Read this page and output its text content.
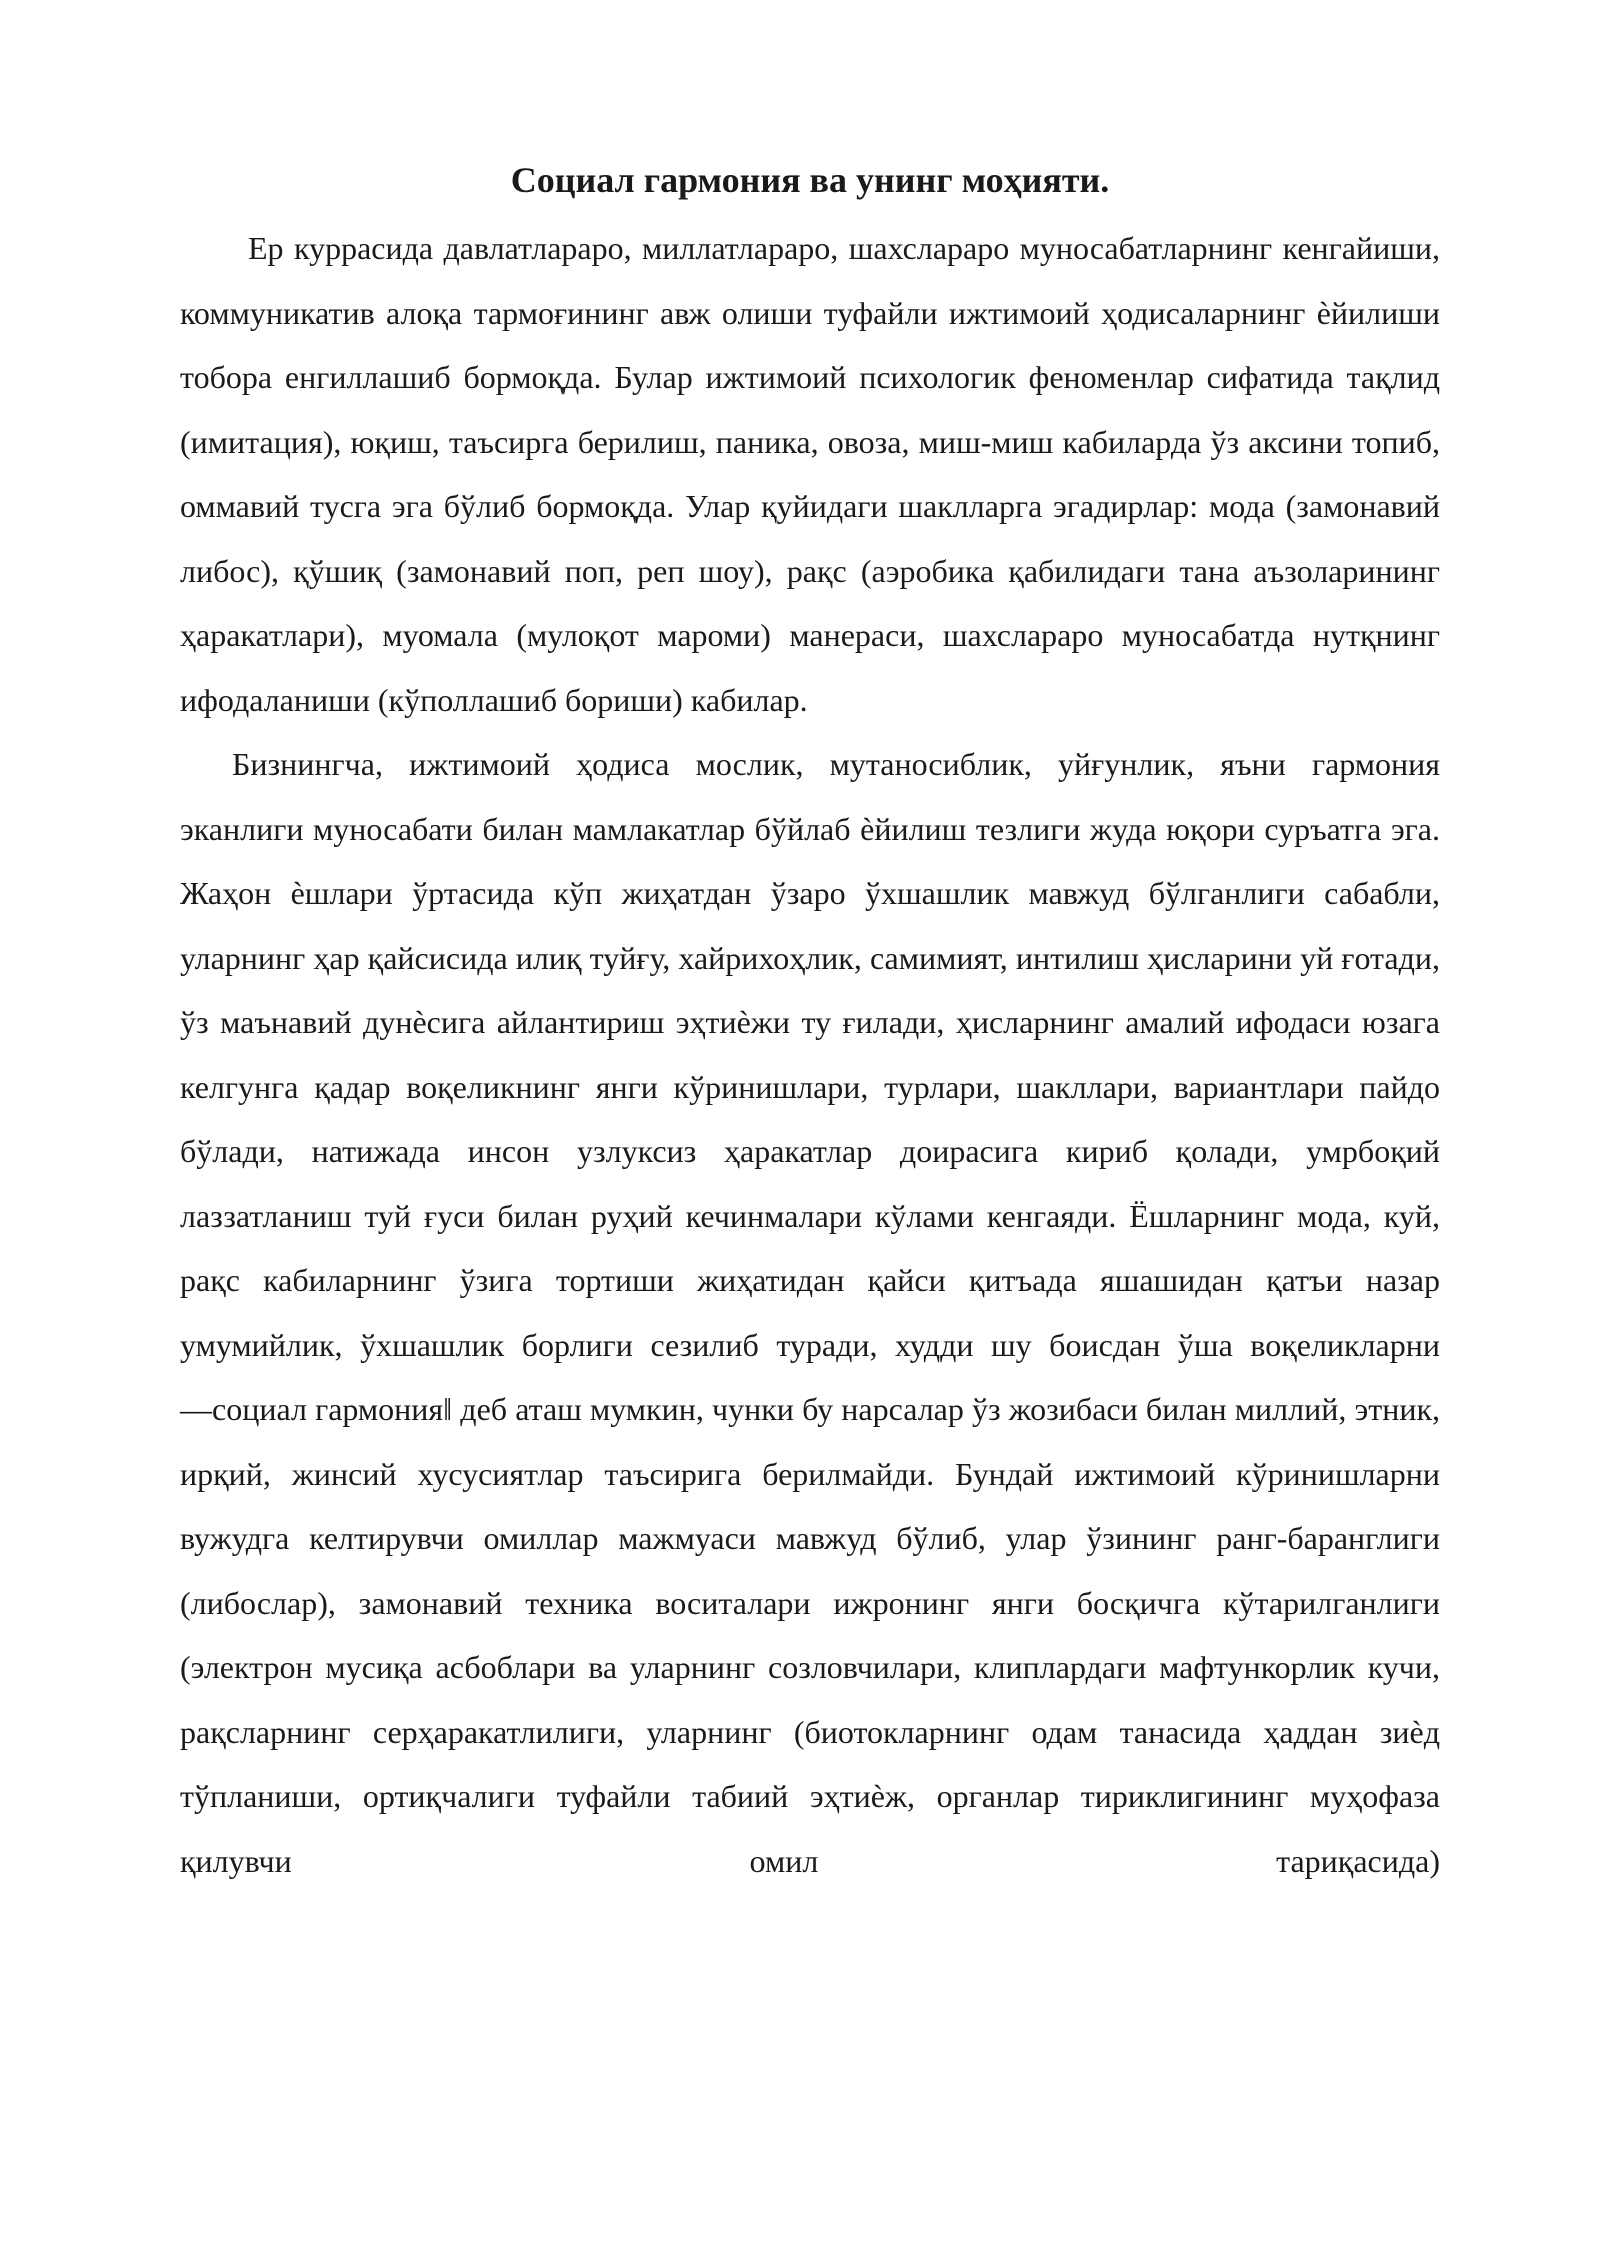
Социал гармония ва унинг моҳияти.

Ер куррасида давлатлараро, миллатлараро, шахслараро муносабатларнинг кенгайиши, коммуникатив алоқа тармоғининг авж олиши туфайли ижтимоий ҳодисаларнинг ѐйилиши тобора енгиллашиб бормоқда. Булар ижтимоий психологик феноменлар сифатида тақлид (имитация), юқиш, таъсирга берилиш, паника, овоза, миш-миш кабиларда ўз аксини топиб, оммавий тусга эга бўлиб бормоқда. Улар қуйидаги шаклларга эгадирлар: мода (замонавий либос), қўшиқ (замонавий поп, реп шоу), рақс (аэробика қабилидаги тана аъзоларининг ҳаракатлари), муомала (мулоқот мароми) манераси, шахслараро муносабатда нутқнинг ифодаланиши (кўполлашиб бориши) кабилар.

Бизнингча, ижтимоий ҳодиса мослик, мутаносиблик, уйғунлик, яъни гармония эканлиги муносабати билан мамлакатлар бўйлаб ѐйилиш тезлиги жуда юқори суръатга эга. Жаҳон ѐшлари ўртасида кўп жиҳатдан ўзаро ўхшашлик мавжуд бўлганлиги сабабли, уларнинг ҳар қайсисида илиқ туйғу, хайрихоҳлик, самимият, интилиш ҳисларини уй ғотади, ўз маънавий дунѐсига айлантириш эҳтиѐжи ту ғилади, ҳисларнинг амалий ифодаси юзага келгунга қадар воқеликнинг янги кўринишлари, турлари, шакллари, вариантлари пайдо бўлади, натижада инсон узлуксиз ҳаракатлар доирасига кириб қолади, умрбоқий лаззатланиш туй ғуси билан руҳий кечинмалари кўлами кенгаяди. Ёшларнинг мода, куй, рақс кабиларнинг ўзига тортиши жиҳатидан қайси қитъада яшашидан қатъи назар умумийлик, ўхшашлик борлиги сезилиб туради, худди шу боисдан ўша воқеликларни ―социал гармония‖ деб аташ мумкин, чунки бу нарсалар ўз жозибаси билан миллий, этник, ирқий, жинсий хусусиятлар таъсирига берилмайди. Бундай ижтимоий кўринишларни вужудга келтирувчи омиллар мажмуаси мавжуд бўлиб, улар ўзининг ранг-баранглиги (либослар), замонавий техника воситалари ижронинг янги босқичга кўтарилганлиги (электрон мусиқа асбоблари ва уларнинг созловчилари, клиплардаги мафтункорлик кучи, рақсларнинг серҳаракатлилиги, уларнинг (биотокларнинг одам танасида ҳаддан зиѐд тўпланиши, ортиқчалиги туфайли табиий эҳтиѐж, органлар тириклигининг муҳофаза қилувчи омил тариқасида)
